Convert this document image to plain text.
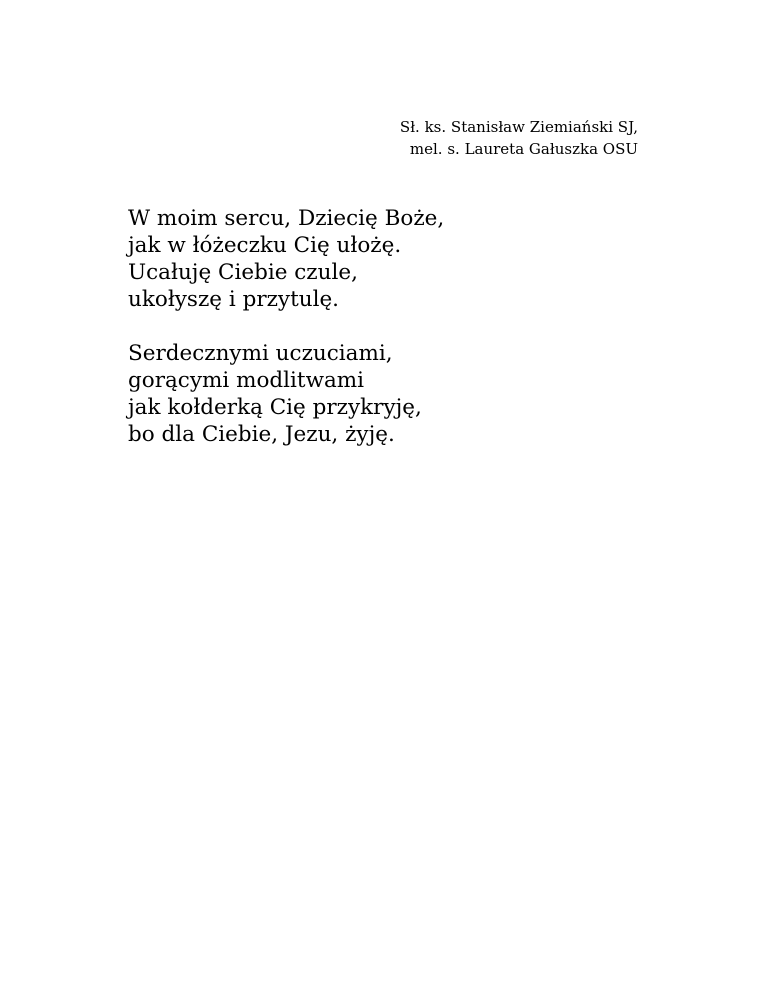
Sł. ks. Stanisław Ziemiański SJ,
mel. s. Laureta Gałuszka OSU
W moim sercu, Dziecię Boże,
jak w łóżeczku Cię ułożę.
Ucałuję Ciebie czule,
ukołyszę i przytulę.
Serdecznymi uczuciami,
gorącymi modlitwami
jak kołderką Cię przykryję,
bo dla Ciebie, Jezu, żyję.
